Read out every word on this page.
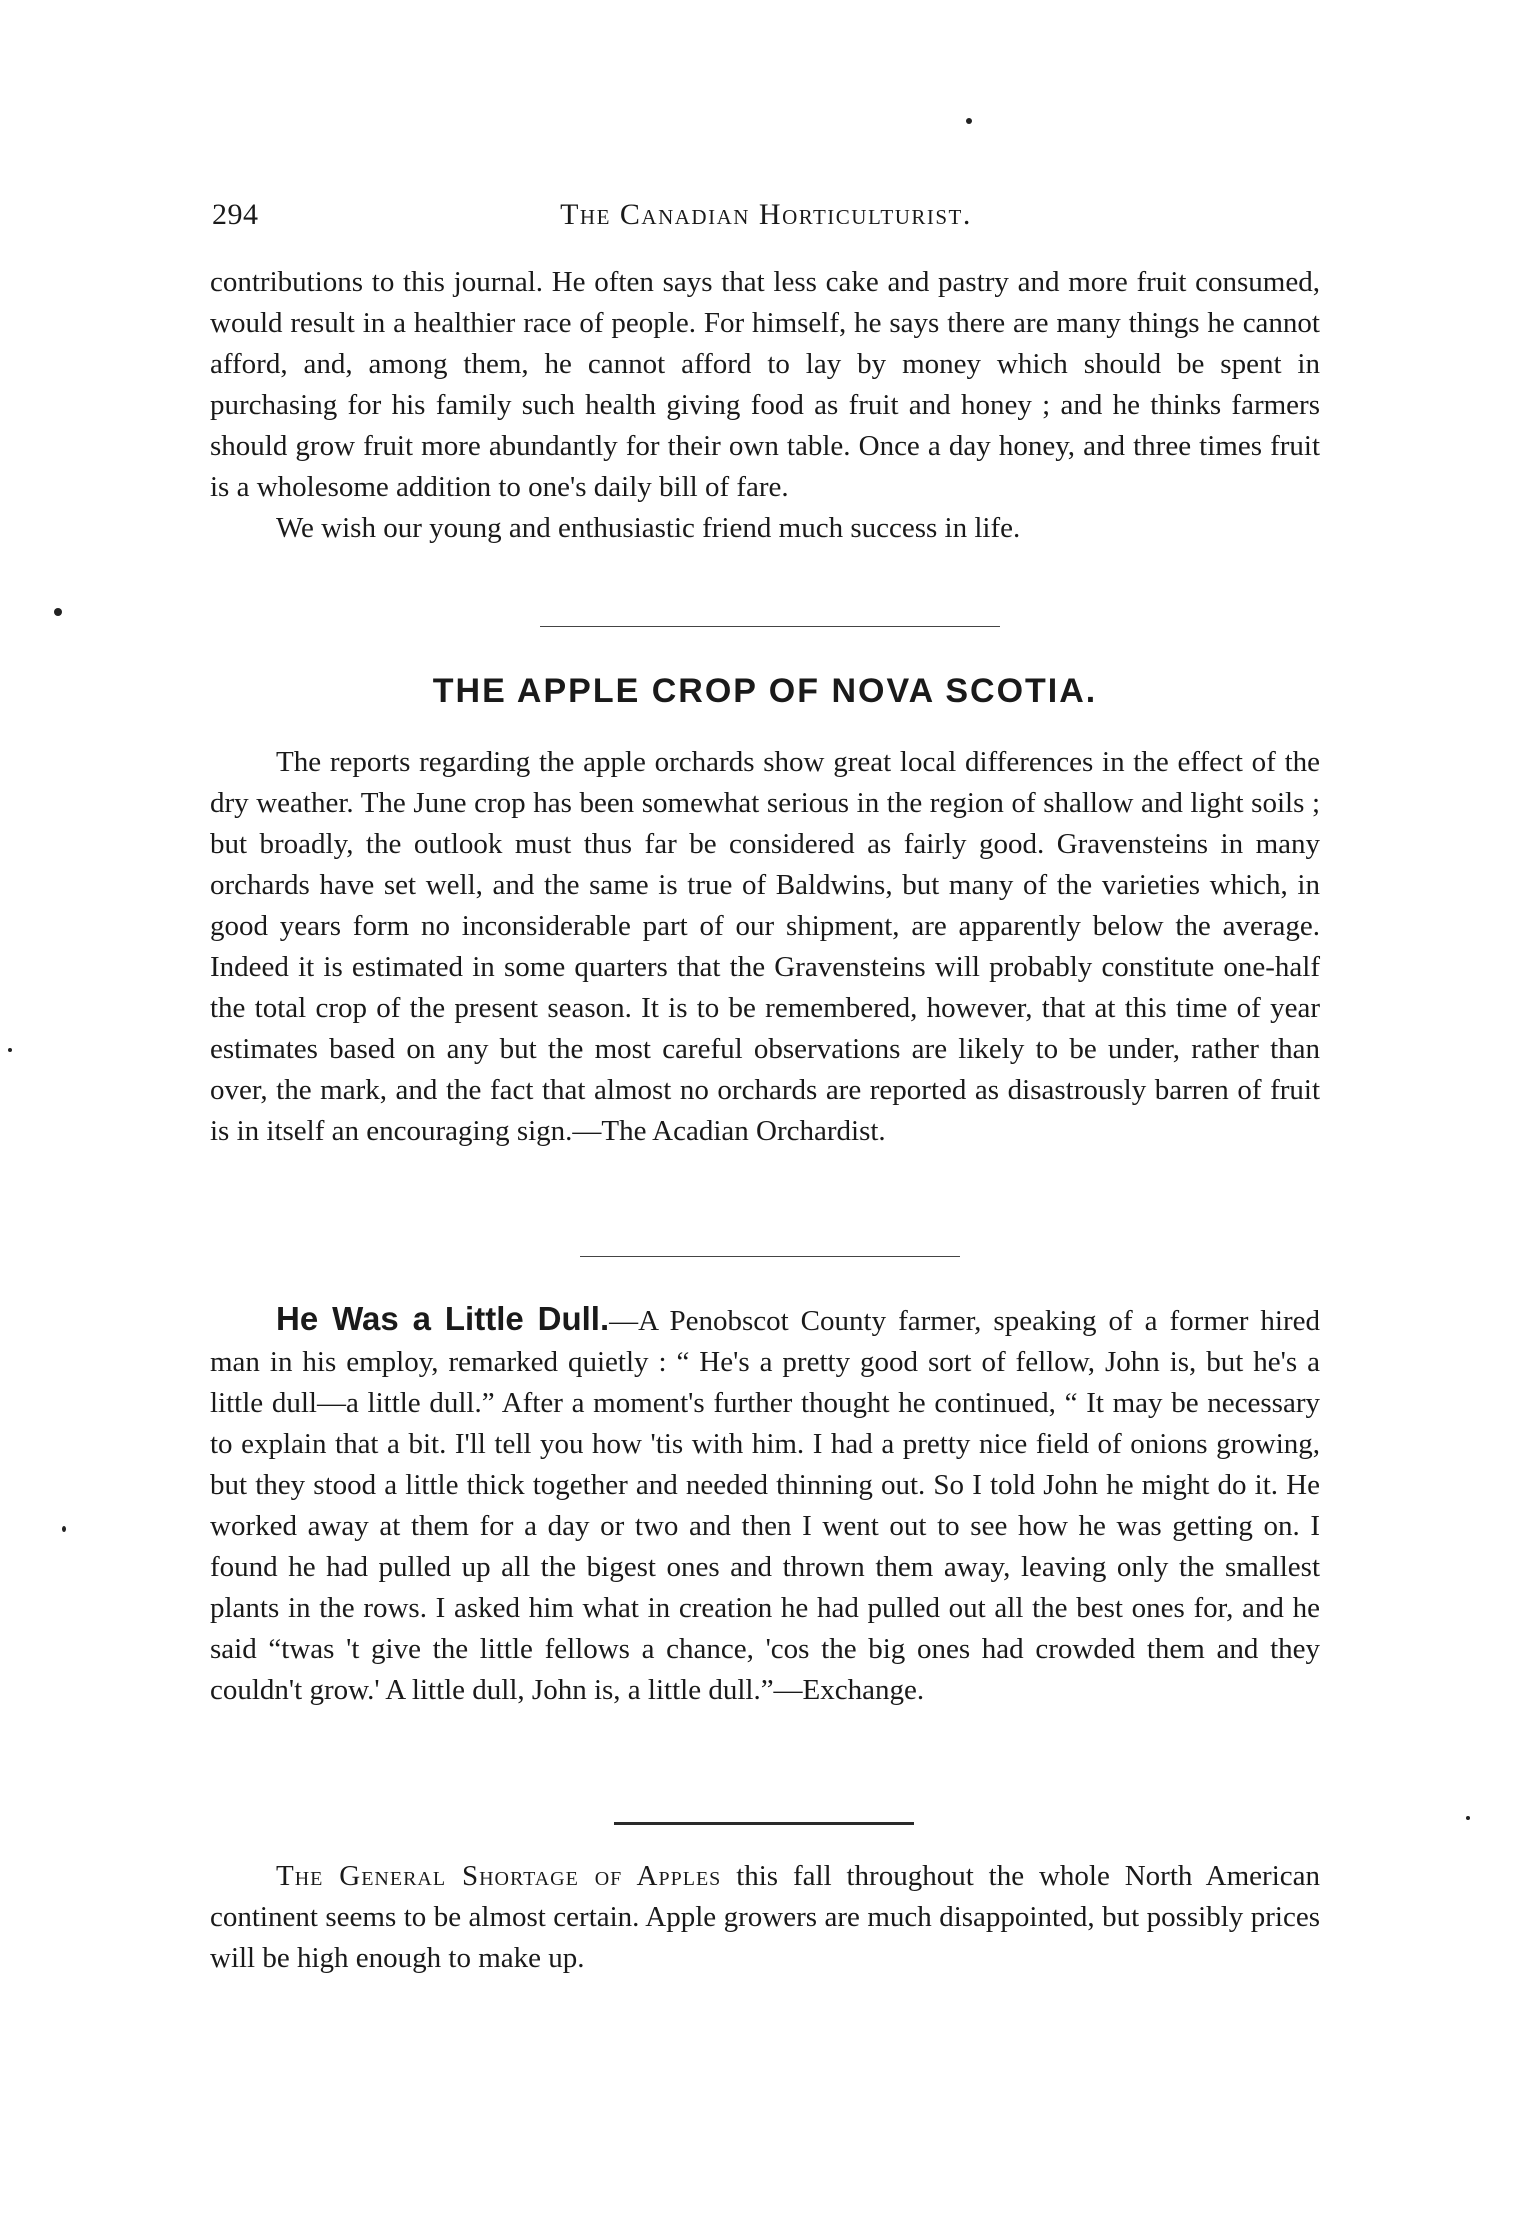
294	The Canadian Horticulturist.

contributions to this journal. He often says that less cake and pastry and more fruit consumed, would result in a healthier race of people. For himself, he says there are many things he cannot afford, and, among them, he cannot afford to lay by money which should be spent in purchasing for his family such health giving food as fruit and honey ; and he thinks farmers should grow fruit more abundantly for their own table. Once a day honey, and three times fruit is a wholesome addition to one's daily bill of fare.

We wish our young and enthusiastic friend much success in life.

THE APPLE CROP OF NOVA SCOTIA.

The reports regarding the apple orchards show great local differences in the effect of the dry weather. The June crop has been somewhat serious in the region of shallow and light soils ; but broadly, the outlook must thus far be considered as fairly good. Gravensteins in many orchards have set well, and the same is true of Baldwins, but many of the varieties which, in good years form no inconsiderable part of our shipment, are apparently below the average. Indeed it is estimated in some quarters that the Gravensteins will probably constitute one-half the total crop of the present season. It is to be remembered, however, that at this time of year estimates based on any but the most careful observations are likely to be under, rather than over, the mark, and the fact that almost no orchards are reported as disastrously barren of fruit is in itself an encouraging sign.—The Acadian Orchardist.

He Was a Little Dull.—A Penobscot County farmer, speaking of a former hired man in his employ, remarked quietly : “ He's a pretty good sort of fellow, John is, but he's a little dull—a little dull.” After a moment's further thought he continued, “ It may be necessary to explain that a bit. I'll tell you how 'tis with him. I had a pretty nice field of onions growing, but they stood a little thick together and needed thinning out. So I told John he might do it. He worked away at them for a day or two and then I went out to see how he was getting on. I found he had pulled up all the bigest ones and thrown them away, leaving only the smallest plants in the rows. I asked him what in creation he had pulled out all the best ones for, and he said “twas 't give the little fellows a chance, 'cos the big ones had crowded them and they couldn't grow.' A little dull, John is, a little dull.”—Exchange.

The General Shortage of Apples this fall throughout the whole North American continent seems to be almost certain. Apple growers are much disappointed, but possibly prices will be high enough to make up.
